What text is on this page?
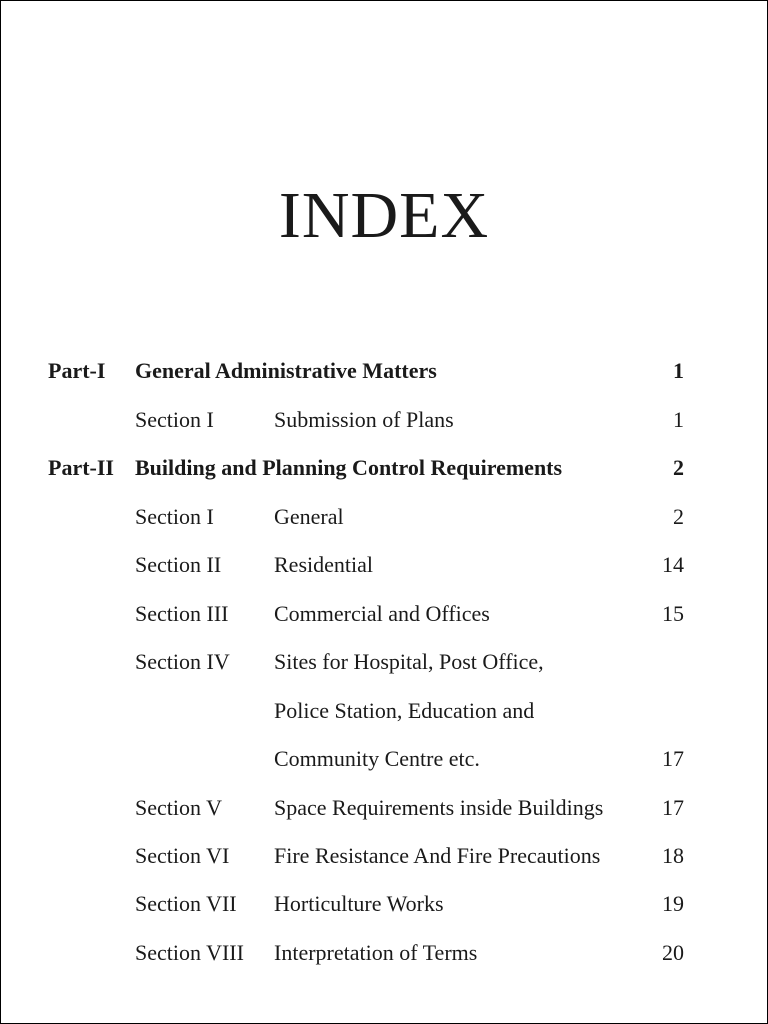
INDEX
Part-I General Administrative Matters	1
Section I	Submission of Plans	1
Part-II Building and Planning Control Requirements	2
Section I	General	2
Section II Residential	14
Section III Commercial and Offices	15
Section IV Sites for Hospital, Post Office,
Police Station, Education and
Community Centre etc.	17
Section V Space Requirements inside Buildings	17
Section VI Fire Resistance And Fire Precautions	18
Section VII Horticulture Works	19
Section VIII Interpretation of Terms	20
